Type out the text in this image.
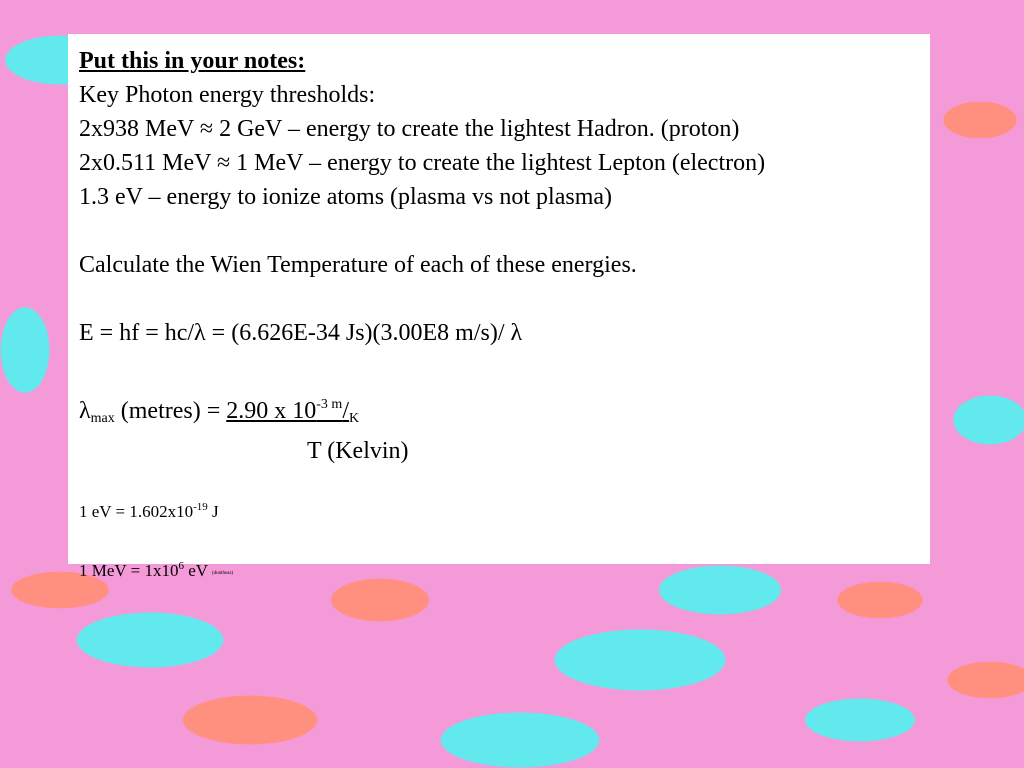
Put this in your notes:
Key Photon energy thresholds:
2x938 MeV ≈ 2 GeV – energy to create the lightest Hadron. (proton)
2x0.511 MeV ≈ 1 MeV – energy to create the lightest Lepton (electron)
1.3 eV – energy to ionize atoms (plasma vs not plasma)
Calculate the Wien Temperature of each of these energies.
E = hf = hc/λ = (6.626E-34 Js)(3.00E8 m/s)/ λ
$\lambda_{max}$ (metres) = 2.90 x $10^{-3 m}/_K$
T (Kelvin)
1 eV = $1.602x10^{-19}$ J
1 MeV = $1x10^6$ eV (dunthuss)
